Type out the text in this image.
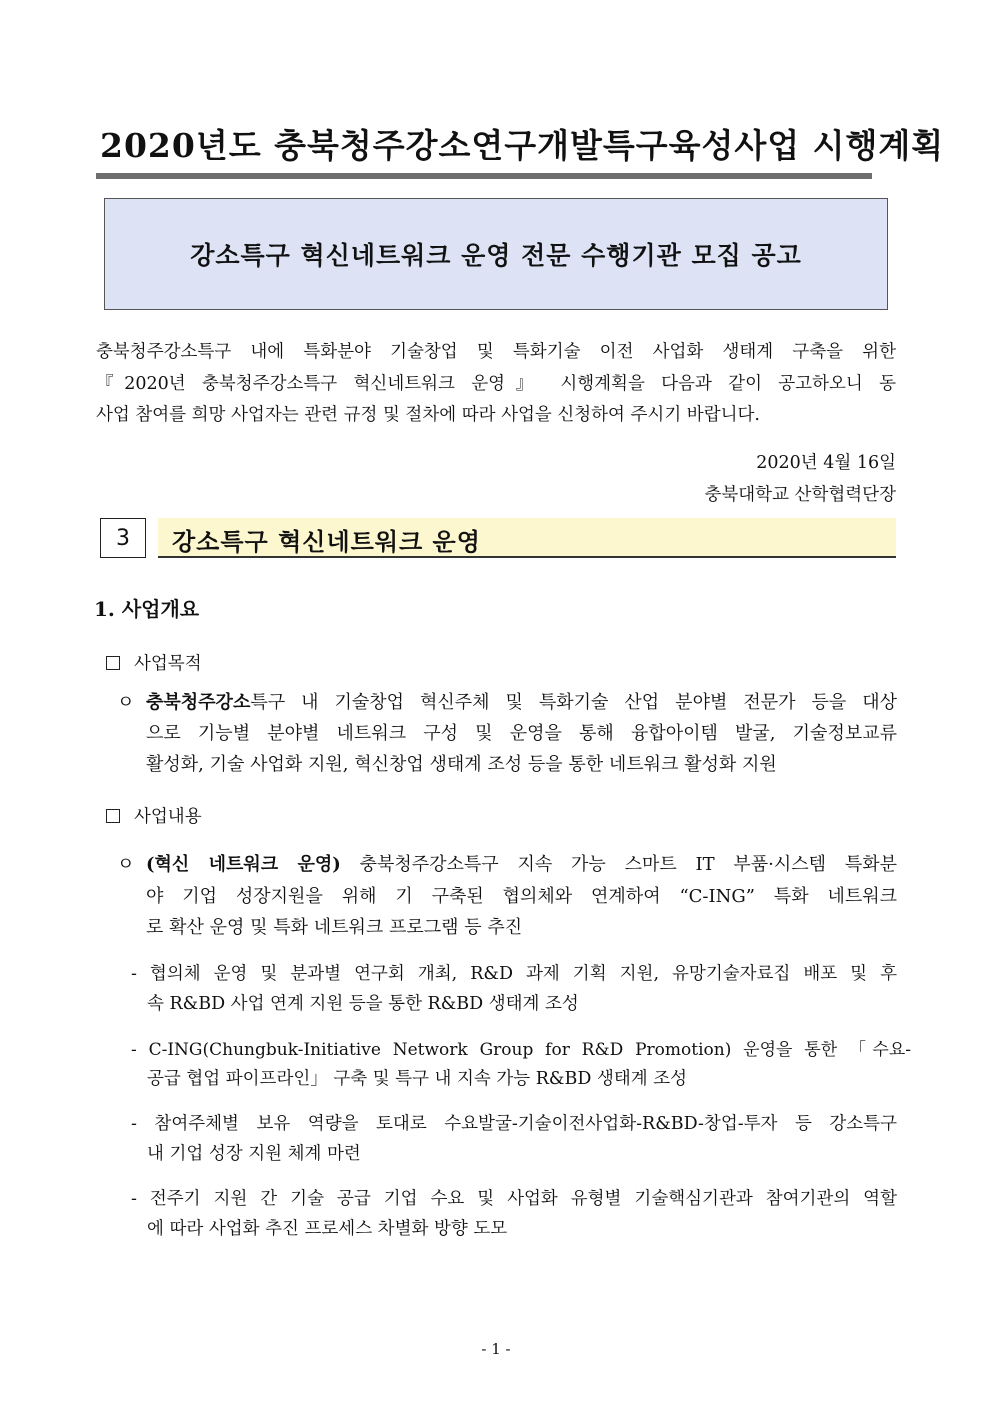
2020년도 충북청주강소연구개발특구육성사업 시행계획
강소특구 혁신네트워크 운영 전문 수행기관 모집 공고
충북청주강소특구 내에 특화분야 기술창업 및 특화기술 이전 사업화 생태계 구축을 위한
『2020년 충북청주강소특구 혁신네트워크 운영』 시행계획을 다음과 같이 공고하오니 동
사업 참여를 희망 사업자는 관련 규정 및 절차에 따라 사업을 신청하여 주시기 바랍니다.
2020년 4월 16일
충북대학교 산학협력단장
3 강소특구 혁신네트워크 운영
1. 사업개요
사업목적
ㅇ 충북청주강소특구 내 기술창업 혁신주체 및 특화기술 산업 분야별 전문가 등을 대상
으로 기능별 분야별 네트워크 구성 및 운영을 통해 융합아이템 발굴, 기술정보교류
활성화, 기술 사업화 지원, 혁신창업 생태계 조성 등을 통한 네트워크 활성화 지원
사업내용
ㅇ (혁신 네트워크 운영) 충북청주강소특구 지속 가능 스마트 IT 부품·시스템 특화분
야 기업 성장지원을 위해 기 구축된 협의체와 연계하여 “C-ING” 특화 네트워크
로 확산 운영 및 특화 네트워크 프로그램 등 추진
- 협의체 운영 및 분과별 연구회 개최, R&D 과제 기획 지원, 유망기술자료집 배포 및 후
속 R&BD 사업 연계 지원 등을 통한 R&BD 생태계 조성
- C-ING(Chungbuk-Initiative Network Group for R&D Promotion) 운영을 통한 「수요-
공급 협업 파이프라인」 구축 및 특구 내 지속 가능 R&BD 생태계 조성
- 참여주체별 보유 역량을 토대로 수요발굴-기술이전사업화-R&BD-창업-투자 등 강소특구
내 기업 성장 지원 체계 마련
- 전주기 지원 간 기술 공급 기업 수요 및 사업화 유형별 기술핵심기관과 참여기관의 역할
에 따라 사업화 추진 프로세스 차별화 방향 도모
- 1 -
